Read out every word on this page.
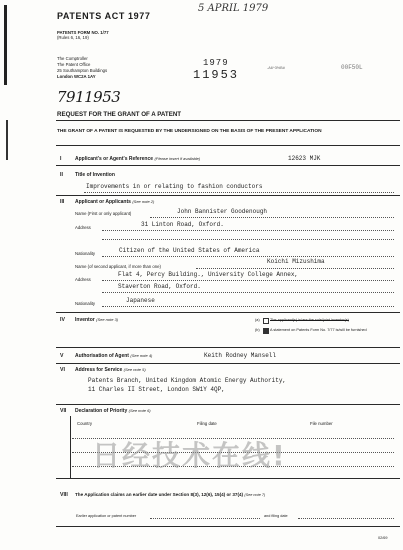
PATENTS ACT 1977
5 APRIL 1979
PATENTS FORM NO. 1/77
(Rules 6, 16, 19)
The Comptroller
The Patent Office
25 Southampton Buildings
London WC2A 1AY
1979
11953	-A6^3%B#	00F50L
7911953
REQUEST FOR THE GRANT OF A PATENT
THE GRANT OF A PATENT IS REQUESTED BY THE UNDERSIGNED ON THE BASIS OF THE PRESENT APPLICATION
I	Applicant's or Agent's Reference (Please insert if available)	12623 MJK
II Title of Invention
Improvements in or relating to fashion conductors
III Applicant or Applicants (See note 2)
Name (First or only applicant)	John Bannister Goodenough
Address	31 Linton Road, Oxford.
Nationality	Citizen of the United States of America
Name (of second applicant, if more than one)
Koichi Mizushima
Address
Flat 4, Percy Building., University College Annex,
Staverton Road, Oxford.
Nationality	Japanese
IV Inventor (See note 3)	(a)	The applicant(s) is/are the sole/joint inventor(s)
(b)	A statement on Patents Form No. 7/77 is/will be furnished
V Authorisation of Agent (See note 4)	Keith Rodney Mansell
VI Address for Service (See note 5)
Patents Branch, United Kingdom Atomic Energy Authority,
11 Charles II Street, London SW1Y 4QP,
VII Declaration of Priority (See note 6)
Country	Filing date	File number
VIII The Application claims an earlier date under Section 8(3), 12(6), 15(4) or 37(4) (See note 7)
Earlier application or patent number	and filing date
02/69
日经技术在线!
